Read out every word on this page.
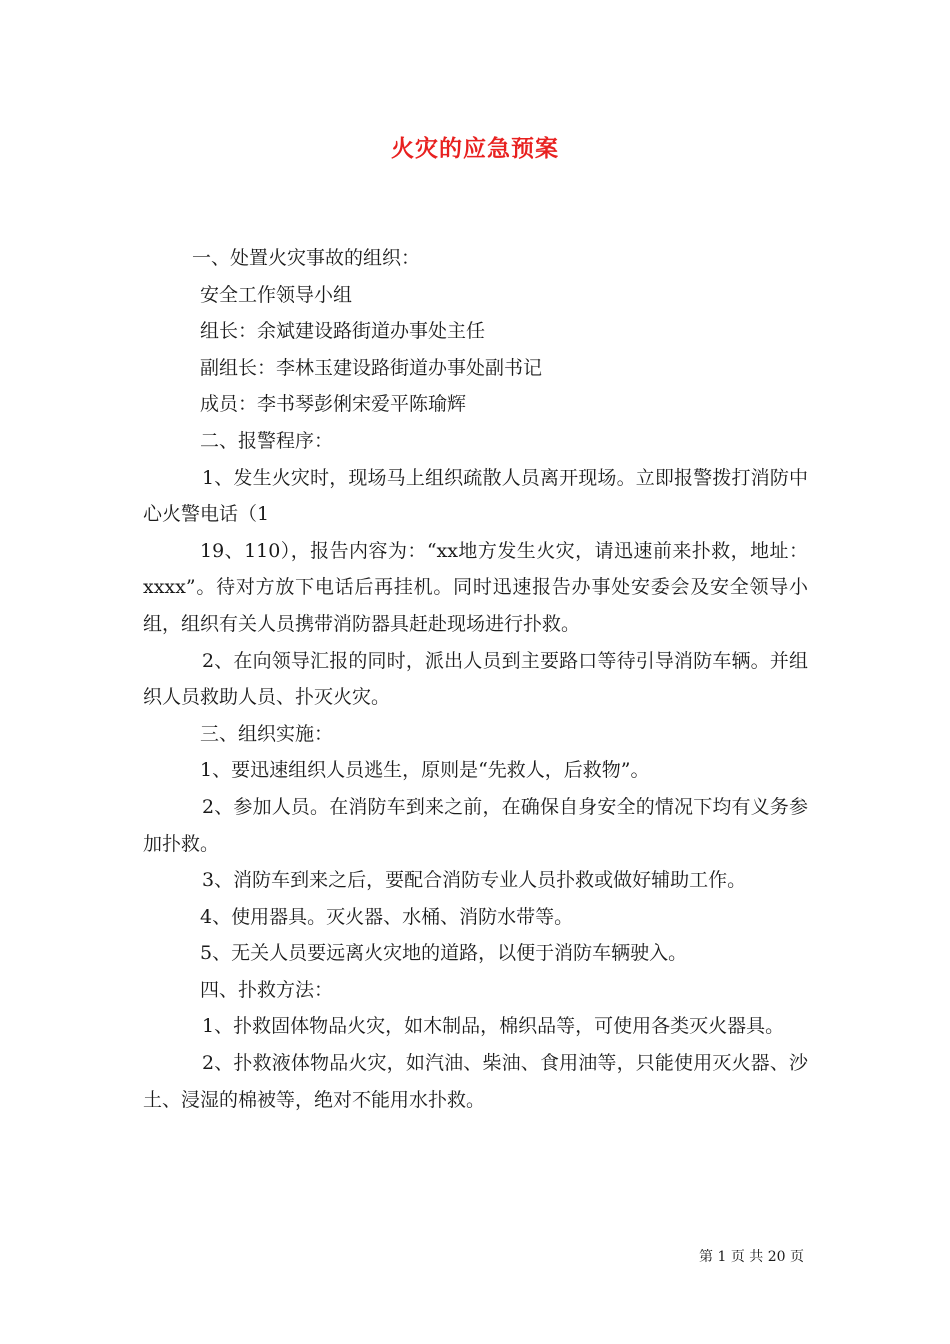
火灾的应急预案

一、处置火灾事故的组织：

安全工作领导小组

组长：余斌建设路街道办事处主任

副组长：李林玉建设路街道办事处副书记

成员：李书琴彭俐宋爱平陈瑜辉

二、报警程序：

1、发生火灾时，现场马上组织疏散人员离开现场。立即报警拨打消防中心火警电话（1

19、110），报告内容为：“xx地方发生火灾，请迅速前来扑救，地址：xxxx”。待对方放下电话后再挂机。同时迅速报告办事处安委会及安全领导小组，组织有关人员携带消防器具赶赴现场进行扑救。

2、在向领导汇报的同时，派出人员到主要路口等待引导消防车辆。并组织人员救助人员、扑灭火灾。

三、组织实施：

1、要迅速组织人员逃生，原则是“先救人，后救物”。

2、参加人员。在消防车到来之前，在确保自身安全的情况下均有义务参加扑救。

3、消防车到来之后，要配合消防专业人员扑救或做好辅助工作。

4、使用器具。灭火器、水桶、消防水带等。

5、无关人员要远离火灾地的道路，以便于消防车辆驶入。

四、扑救方法：

1、扑救固体物品火灾，如木制品，棉织品等，可使用各类灭火器具。

2、扑救液体物品火灾，如汽油、柴油、食用油等，只能使用灭火器、沙土、浸湿的棉被等，绝对不能用水扑救。

第 1 页 共 20 页
